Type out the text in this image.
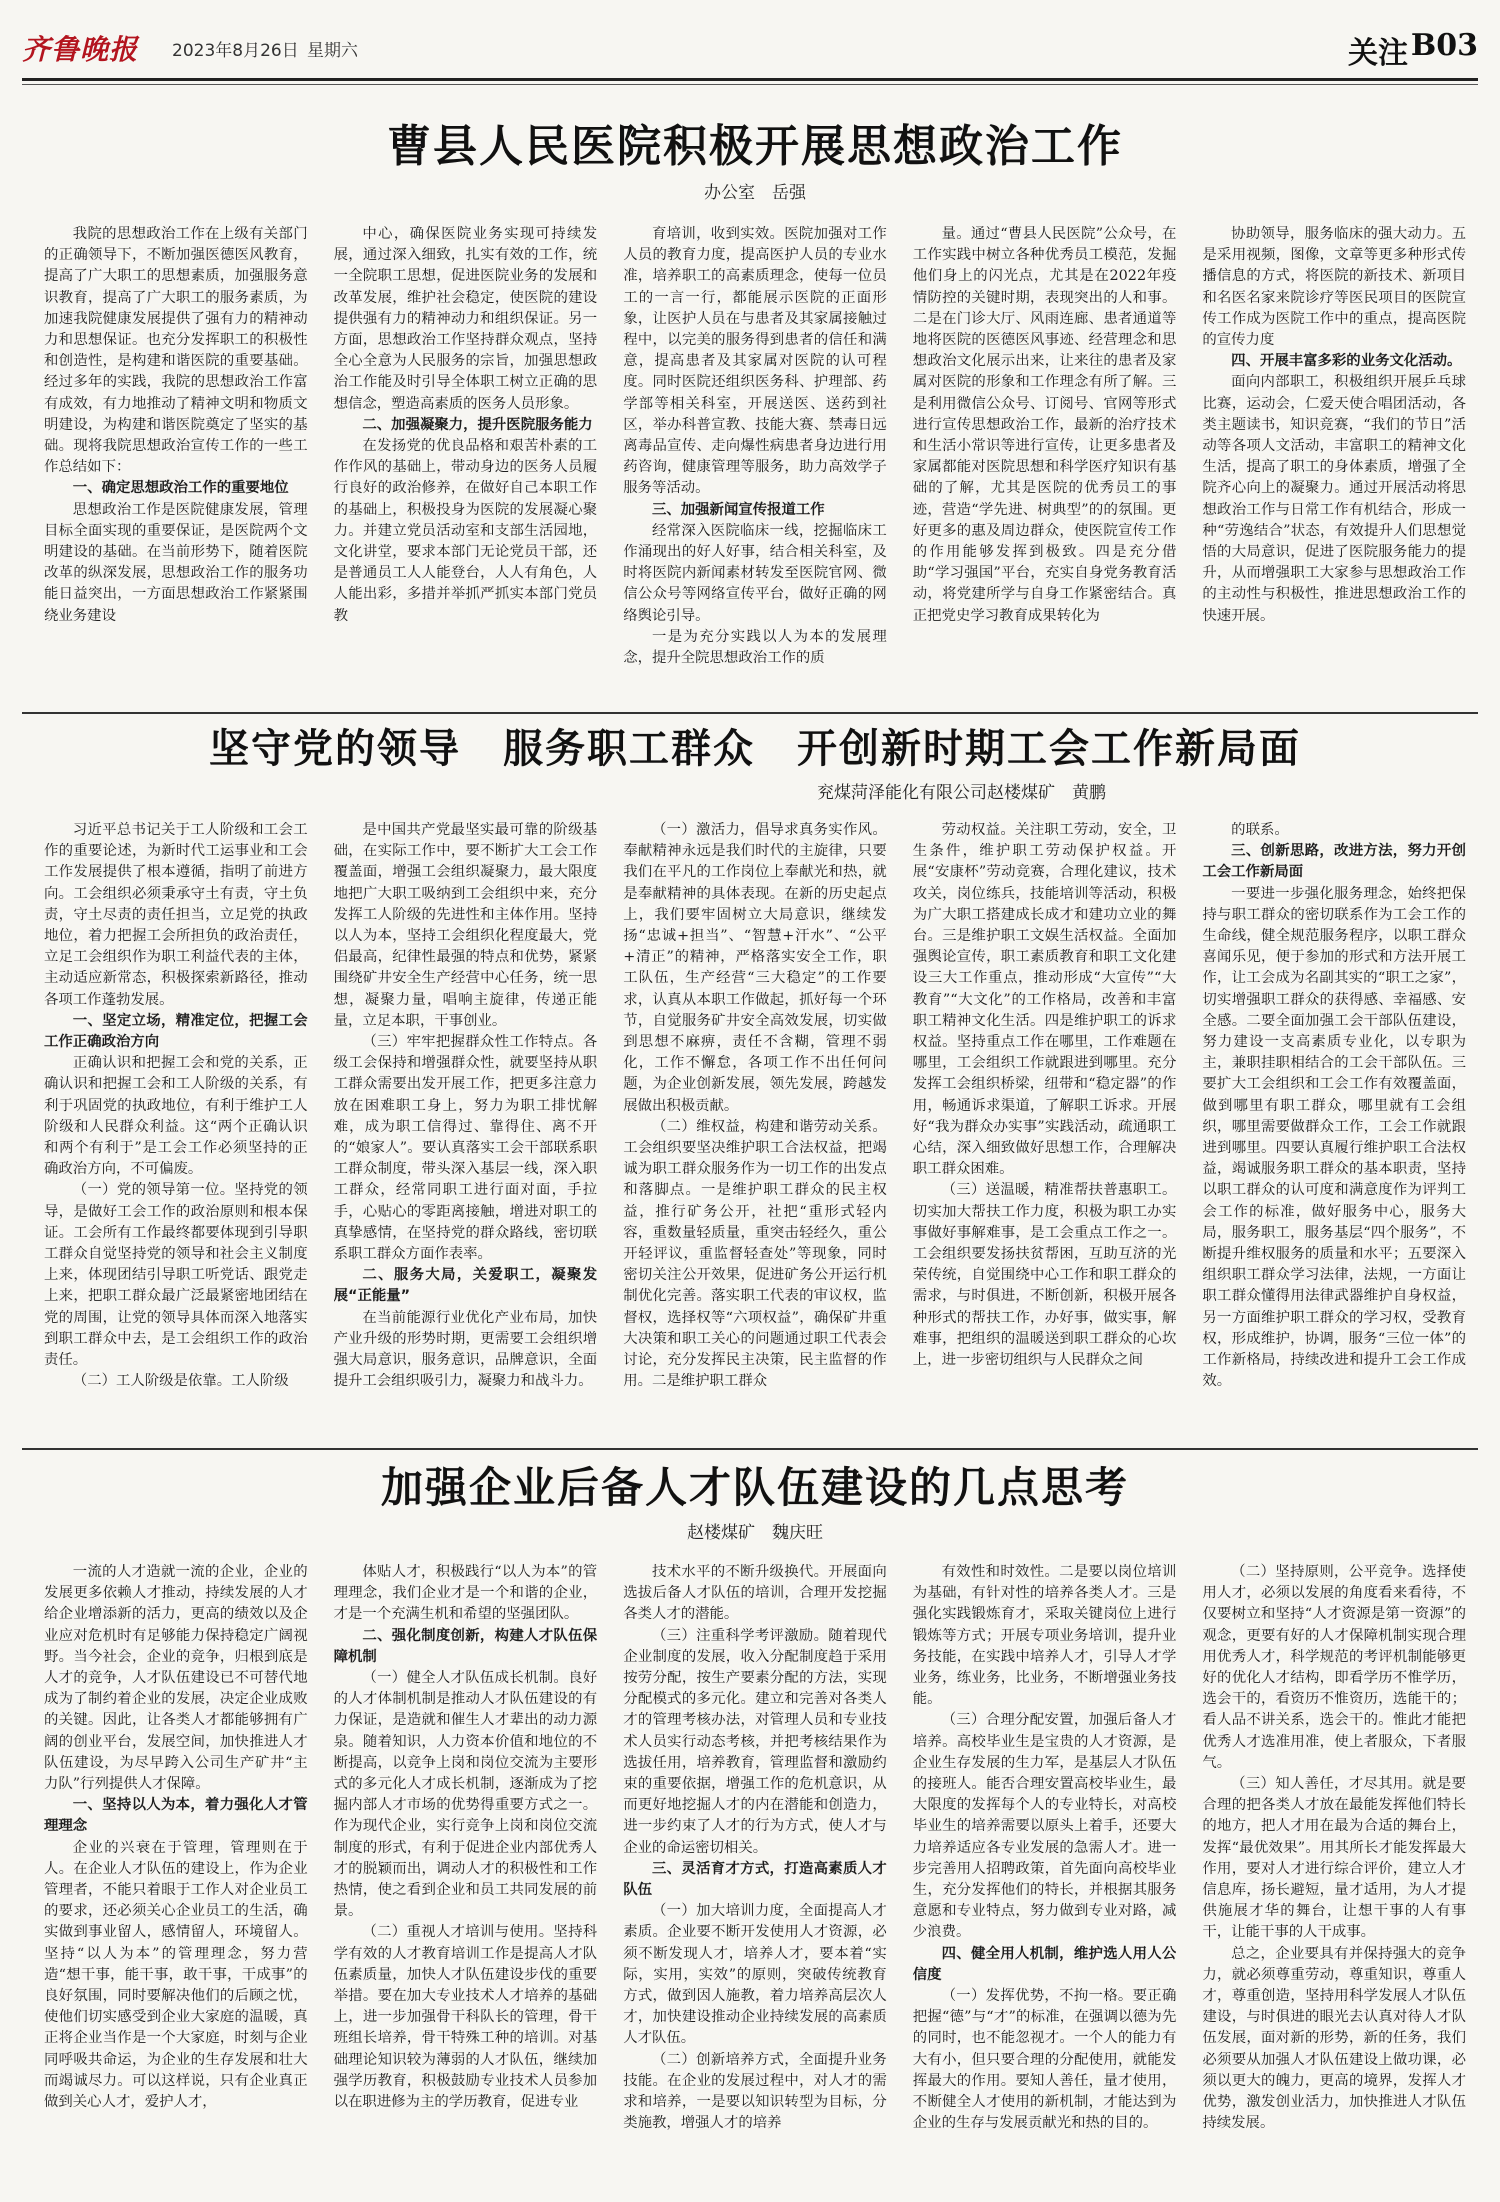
齐鲁晚报 2023年8月26日 星期六	关注 B03
曹县人民医院积极开展思想政治工作
办公室　岳强

我院的思想政治工作在上级有关部门的正确领导下，不断加强医德医风教育，提高了广大职工的思想素质，加强服务意识教育，提高了广大职工的服务素质，为加速我院健康发展提供了强有力的精神动力和思想保证。也充分发挥职工的积极性和创造性，是构建和谐医院的重要基础。经过多年的实践，我院的思想政治工作富有成效，有力地推动了精神文明和物质文明建设，为构建和谐医院奠定了坚实的基础。现将我院思想政治宣传工作的一些工作总结如下：

一、确定思想政治工作的重要地位

思想政治工作是医院健康发展，管理目标全面实现的重要保证，是医院两个文明建设的基础。在当前形势下，随着医院改革的纵深发展，思想政治工作的服务功能日益突出，一方面思想政治工作紧紧围绕业务建设

中心，确保医院业务实现可持续发展，通过深入细致，扎实有效的工作，统一全院职工思想，促进医院业务的发展和改革发展，维护社会稳定，使医院的建设提供强有力的精神动力和组织保证。另一方面，思想政治工作坚持群众观点，坚持全心全意为人民服务的宗旨，加强思想政治工作能及时引导全体职工树立正确的思想信念，塑造高素质的医务人员形象。

二、加强凝聚力，提升医院服务能力

在发扬党的优良品格和艰苦朴素的工作作风的基础上，带动身边的医务人员履行良好的政治修养，在做好自己本职工作的基础上，积极投身为医院的发展凝心聚力。并建立党员活动室和支部生活园地，文化讲堂，要求本部门无论党员干部，还是普通员工人人能登台，人人有角色，人人能出彩，多措并举抓严抓实本部门党员教

育培训，收到实效。医院加强对工作人员的教育力度，提高医护人员的专业水准，培养职工的高素质理念，使每一位员工的一言一行，都能展示医院的正面形象，让医护人员在与患者及其家属接触过程中，以完美的服务得到患者的信任和满意，提高患者及其家属对医院的认可程度。同时医院还组织医务科、护理部、药学部等相关科室，开展送医、送药到社区，举办科普宣教、技能大赛、禁毒日远离毒品宣传、走向爆性病患者身边进行用药咨询，健康管理等服务，助力高效学子服务等活动。

三、加强新闻宣传报道工作

经常深入医院临床一线，挖掘临床工作涌现出的好人好事，结合相关科室，及时将医院内新闻素材转发至医院官网、微信公众号等网络宣传平台，做好正确的网络舆论引导。

一是为充分实践以人为本的发展理念，提升全院思想政治工作的质

量。通过“曹县人民医院”公众号，在工作实践中树立各种优秀员工模范，发掘他们身上的闪光点，尤其是在2022年疫情防控的关键时期，表现突出的人和事。二是在门诊大厅、风雨连廊、患者通道等地将医院的医德医风事迹、经营理念和思想政治文化展示出来，让来往的患者及家属对医院的形象和工作理念有所了解。三是利用微信公众号、订阅号、官网等形式进行宣传思想政治工作，最新的治疗技术和生活小常识等进行宣传，让更多患者及家属都能对医院思想和科学医疗知识有基础的了解，尤其是医院的优秀员工的事迹，营造“学先进、树典型”的的氛围。更好更多的惠及周边群众，使医院宣传工作的作用能够发挥到极致。四是充分借助“学习强国”平台，充实自身党务教育活动，将党建所学与自身工作紧密结合。真正把党史学习教育成果转化为

协助领导，服务临床的强大动力。五是采用视频，图像，文章等更多种形式传播信息的方式，将医院的新技术、新项目和名医名家来院诊疗等医民项目的医院宣传工作成为医院工作中的重点，提高医院的宣传力度

四、开展丰富多彩的业务文化活动。

面向内部职工，积极组织开展乒乓球比赛，运动会，仁爱天使合唱团活动，各类主题读书，知识竞赛，“我们的节日”活动等各项人文活动，丰富职工的精神文化生活，提高了职工的身体素质，增强了全院齐心向上的凝聚力。通过开展活动将思想政治工作与日常工作有机结合，形成一种“劳逸结合”状态，有效提升人们思想觉悟的大局意识，促进了医院服务能力的提升，从而增强职工大家参与思想政治工作的主动性与积极性，推进思想政治工作的快速开展。

坚守党的领导　服务职工群众　开创新时期工会工作新局面
兖煤菏泽能化有限公司赵楼煤矿　黄鹏

习近平总书记关于工人阶级和工会工作的重要论述，为新时代工运事业和工会工作发展提供了根本遵循，指明了前进方向。工会组织必须秉承守土有责，守土负责，守土尽责的责任担当，立足党的执政地位，着力把握工会所担负的政治责任，立足工会组织作为职工利益代表的主体，主动适应新常态，积极探索新路径，推动各项工作蓬勃发展。

一、坚定立场，精准定位，把握工会工作正确政治方向

正确认识和把握工会和党的关系，正确认识和把握工会和工人阶级的关系，有利于巩固党的执政地位，有利于维护工人阶级和人民群众利益。这“两个正确认识和两个有利于”是工会工作必须坚持的正确政治方向，不可偏废。

（一）党的领导第一位。坚持党的领导，是做好工会工作的政治原则和根本保证。工会所有工作最终都要体现到引导职工群众自觉坚持党的领导和社会主义制度上来，体现团结引导职工听党话、跟党走上来，把职工群众最广泛最紧密地团结在党的周围，让党的领导具体而深入地落实到职工群众中去，是工会组织工作的政治责任。

（二）工人阶级是依靠。工人阶级

是中国共产党最坚实最可靠的阶级基础，在实际工作中，要不断扩大工会工作覆盖面，增强工会组织凝聚力，最大限度地把广大职工吸纳到工会组织中来，充分发挥工人阶级的先进性和主体作用。坚持以人为本，坚持工会组织化程度最大，党侣最高，纪律性最强的特点和优势，紧紧围绕矿井安全生产经营中心任务，统一思想，凝聚力量，唱响主旋律，传递正能量，立足本职，干事创业。

（三）牢牢把握群众性工作特点。各级工会保持和增强群众性，就要坚持从职工群众需要出发开展工作，把更多注意力放在困难职工身上，努力为职工排忧解难，成为职工信得过、靠得住、离不开的“娘家人”。要认真落实工会干部联系职工群众制度，带头深入基层一线，深入职工群众，经常同职工进行面对面，手拉手，心贴心的零距离接触，增进对职工的真挚感情，在坚持党的群众路线，密切联系职工群众方面作表率。

二、服务大局，关爱职工，凝聚发展“正能量”

在当前能源行业优化产业布局，加快产业升级的形势时期，更需要工会组织增强大局意识，服务意识，品牌意识，全面提升工会组织吸引力，凝聚力和战斗力。

（一）激活力，倡导求真务实作风。奉献精神永远是我们时代的主旋律，只要我们在平凡的工作岗位上奉献光和热，就是奉献精神的具体表现。在新的历史起点上，我们要牢固树立大局意识，继续发扬“忠诚+担当”、“智慧+汗水”、“公平+清正”的精神，严格落实安全工作，职工队伍，生产经营“三大稳定”的工作要求，认真从本职工作做起，抓好每一个环节，自觉服务矿井安全高效发展，切实做到思想不麻痹，责任不含糊，管理不弱化，工作不懈怠，各项工作不出任何问题，为企业创新发展，领先发展，跨越发展做出积极贡献。

（二）维权益，构建和谐劳动关系。工会组织要坚决维护职工合法权益，把竭诚为职工群众服务作为一切工作的出发点和落脚点。一是维护职工群众的民主权益，推行矿务公开，社把“重形式轻内容，重数量轻质量，重突击轻经久，重公开轻评议，重监督轻查处”等现象，同时密切关注公开效果，促进矿务公开运行机制优化完善。落实职工代表的审议权，监督权，选择权等“六项权益”，确保矿井重大决策和职工关心的问题通过职工代表会讨论，充分发挥民主决策，民主监督的作用。二是维护职工群众

劳动权益。关注职工劳动，安全，卫生条件，维护职工劳动保护权益。开展“安康杯”劳动竞赛，合理化建议，技术攻关，岗位练兵，技能培训等活动，积极为广大职工搭建成长成才和建功立业的舞台。三是维护职工文娱生活权益。全面加强舆论宣传，职工素质教育和职工文化建设三大工作重点，推动形成“大宣传”“大教育”“大文化”的工作格局，改善和丰富职工精神文化生活。四是维护职工的诉求权益。坚持重点工作在哪里，工作难题在哪里，工会组织工作就跟进到哪里。充分发挥工会组织桥梁，纽带和“稳定器”的作用，畅通诉求渠道，了解职工诉求。开展好“我为群众办实事”实践活动，疏通职工心结，深入细致做好思想工作，合理解决职工群众困难。

（三）送温暖，精准帮扶普惠职工。切实加大帮扶工作力度，积极为职工办实事做好事解难事，是工会重点工作之一。工会组织要发扬扶贫帮困，互助互济的光荣传统，自觉围绕中心工作和职工群众的需求，与时俱进，不断创新，积极开展各种形式的帮扶工作，办好事，做实事，解难事，把组织的温暖送到职工群众的心坎上，进一步密切组织与人民群众之间

的联系。

三、创新思路，改进方法，努力开创工会工作新局面

一要进一步强化服务理念，始终把保持与职工群众的密切联系作为工会工作的生命线，健全规范服务程序，以职工群众喜闻乐见，便于参加的形式和方法开展工作，让工会成为名副其实的“职工之家”，切实增强职工群众的获得感、幸福感、安全感。二要全面加强工会干部队伍建设，努力建设一支高素质专业化，以专职为主，兼职挂职相结合的工会干部队伍。三要扩大工会组织和工会工作有效覆盖面，做到哪里有职工群众，哪里就有工会组织，哪里需要做群众工作，工会工作就跟进到哪里。四要认真履行维护职工合法权益，竭诚服务职工群众的基本职责，坚持以职工群众的认可度和满意度作为评判工会工作的标准，做好服务中心，服务大局，服务职工，服务基层“四个服务”，不断提升维权服务的质量和水平；五要深入组织职工群众学习法律，法规，一方面让职工群众懂得用法律武器维护自身权益，另一方面维护职工群众的学习权，受教育权，形成维护，协调，服务“三位一体”的工作新格局，持续改进和提升工会工作成效。

加强企业后备人才队伍建设的几点思考
赵楼煤矿　魏庆旺

一流的人才造就一流的企业，企业的发展更多依赖人才推动，持续发展的人才给企业增添新的活力，更高的绩效以及企业应对危机时有足够能力保持稳定广阔视野。当今社会，企业的竞争，归根到底是人才的竞争，人才队伍建设已不可替代地成为了制约着企业的发展，决定企业成败的关键。因此，让各类人才都能够拥有广阔的创业平台，发展空间，加快推进人才队伍建设，为尽早跨入公司生产矿井“主力队”行列提供人才保障。

一、坚持以人为本，着力强化人才管理理念

企业的兴衰在于管理，管理则在于人。在企业人才队伍的建设上，作为企业管理者，不能只着眼于工作人对企业员工的要求，还必须关心企业员工的生活，确实做到事业留人，感情留人，环境留人。坚持“以人为本”的管理理念，努力营造“想干事，能干事，敢干事，干成事”的良好氛围，同时要解决他们的后顾之忧，使他们切实感受到企业大家庭的温暖，真正将企业当作是一个大家庭，时刻与企业同呼吸共命运，为企业的生存发展和壮大而竭诚尽力。可以这样说，只有企业真正做到关心人才，爱护人才，

体贴人才，积极践行“以人为本”的管理理念，我们企业才是一个和谐的企业，才是一个充满生机和希望的坚强团队。

二、强化制度创新，构建人才队伍保障机制

（一）健全人才队伍成长机制。良好的人才体制机制是推动人才队伍建设的有力保证，是造就和催生人才辈出的动力源泉。随着知识，人力资本价值和地位的不断提高，以竞争上岗和岗位交流为主要形式的多元化人才成长机制，逐渐成为了挖掘内部人才市场的优势得重要方式之一。作为现代企业，实行竞争上岗和岗位交流制度的形式，有利于促进企业内部优秀人才的脱颖而出，调动人才的积极性和工作热情，使之看到企业和员工共同发展的前景。

（二）重视人才培训与使用。坚持科学有效的人才教育培训工作是提高人才队伍素质量，加快人才队伍建设步伐的重要举措。要在加大专业技术人才培养的基础上，进一步加强骨干科队长的管理，骨干班组长培养，骨干特殊工种的培训。对基础理论知识较为薄弱的人才队伍，继续加强学历教育，积极鼓励专业技术人员参加以在职进修为主的学历教育，促进专业

技术水平的不断升级换代。开展面向选拔后备人才队伍的培训，合理开发挖掘各类人才的潜能。

（三）注重科学考评激励。随着现代企业制度的发展，收入分配制度趋于采用按劳分配，按生产要素分配的方法，实现分配模式的多元化。建立和完善对各类人才的管理考核办法，对管理人员和专业技术人员实行动态考核，并把考核结果作为选拔任用，培养教育，管理监督和激励约束的重要依据，增强工作的危机意识，从而更好地挖掘人才的内在潜能和创造力，进一步约束了人才的行为方式，使人才与企业的命运密切相关。

三、灵活育才方式，打造高素质人才队伍

（一）加大培训力度，全面提高人才素质。企业要不断开发使用人才资源，必须不断发现人才，培养人才，要本着“实际，实用，实效”的原则，突破传统教育方式，做到因人施教，着力培养高层次人才，加快建设推动企业持续发展的高素质人才队伍。

（二）创新培养方式，全面提升业务技能。在企业的发展过程中，对人才的需求和培养，一是要以知识转型为目标，分类施教，增强人才的培养

有效性和时效性。二是要以岗位培训为基础，有针对性的培养各类人才。三是强化实践锻炼育才，采取关键岗位上进行锻炼等方式；开展专项业务培训，提升业务技能，在实践中培养人才，引导人才学业务，练业务，比业务，不断增强业务技能。

（三）合理分配安置，加强后备人才培养。高校毕业生是宝贵的人才资源，是企业生存发展的生力军，是基层人才队伍的接班人。能否合理安置高校毕业生，最大限度的发挥每个人的专业特长，对高校毕业生的培养需要以原头上着手，还要大力培养适应各专业发展的急需人才。进一步完善用人招聘政策，首先面向高校毕业生，充分发挥他们的特长，并根据其服务意愿和专业特点，努力做到专业对路，减少浪费。

四、健全用人机制，维护选人用人公信度

（一）发挥优势，不拘一格。要正确把握“德”与“才”的标准，在强调以德为先的同时，也不能忽视才。一个人的能力有大有小，但只要合理的分配使用，就能发挥最大的作用。要知人善任，量才使用，不断健全人才使用的新机制，才能达到为企业的生存与发展贡献光和热的目的。

（二）坚持原则，公平竞争。选择使用人才，必须以发展的角度看来看待，不仅要树立和坚持“人才资源是第一资源”的观念，更要有好的人才保障机制实现合理用优秀人才，科学规范的考评机制能够更好的优化人才结构，即看学历不惟学历，选会干的，看资历不惟资历，选能干的；看人品不讲关系，选会干的。惟此才能把优秀人才选准用准，使上者服众，下者服气。

（三）知人善任，才尽其用。就是要合理的把各类人才放在最能发挥他们特长的地方，把人才用在最为合适的舞台上，发挥“最优效果”。用其所长才能发挥最大作用，要对人才进行综合评价，建立人才信息库，扬长避短，量才适用，为人才提供施展才华的舞台，让想干事的人有事干，让能干事的人干成事。

总之，企业要具有并保持强大的竞争力，就必须尊重劳动，尊重知识，尊重人才，尊重创造，坚持用科学发展人才队伍建设，与时俱进的眼光去认真对待人才队伍发展，面对新的形势，新的任务，我们必须要从加强人才队伍建设上做功课，必须以更大的魄力，更高的境界，发挥人才优势，激发创业活力，加快推进人才队伍持续发展。
